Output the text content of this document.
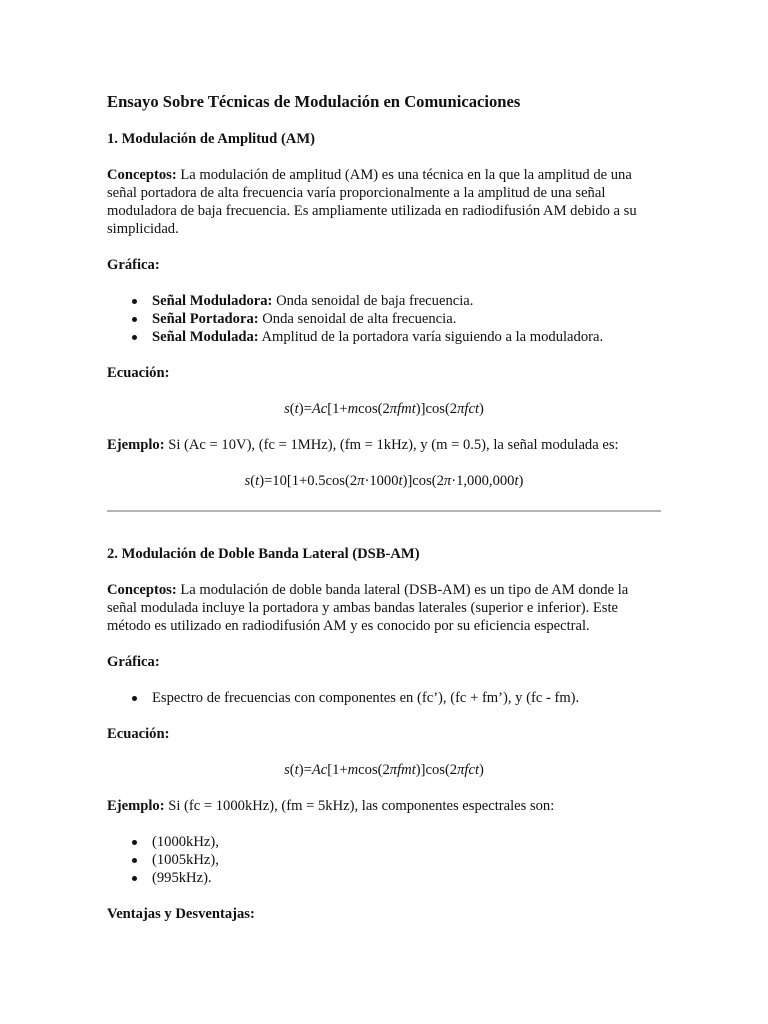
Ensayo Sobre Técnicas de Modulación en Comunicaciones
1. Modulación de Amplitud (AM)

Conceptos: La modulación de amplitud (AM) es una técnica en la que la amplitud de una señal portadora de alta frecuencia varía proporcionalmente a la amplitud de una señal moduladora de baja frecuencia. Es ampliamente utilizada en radiodifusión AM debido a su simplicidad.

Gráfica:

Señal Moduladora: Onda senoidal de baja frecuencia.
Señal Portadora: Onda senoidal de alta frecuencia.
Señal Modulada: Amplitud de la portadora varía siguiendo a la moduladora.

Ecuación:

s(t)=Ac[1+mcos(2πfmt)]cos(2πfct)

Ejemplo: Si (Ac = 10V), (fc = 1MHz), (fm = 1kHz), y (m = 0.5), la señal modulada es:

s(t)=10[1+0.5cos(2π·1000t)]cos(2π·1,000,000t)

2. Modulación de Doble Banda Lateral (DSB-AM)

Conceptos: La modulación de doble banda lateral (DSB-AM) es un tipo de AM donde la señal modulada incluye la portadora y ambas bandas laterales (superior e inferior). Este método es utilizado en radiodifusión AM y es conocido por su eficiencia espectral.

Gráfica:

Espectro de frecuencias con componentes en (fc’), (fc + fm’), y (fc - fm).

Ecuación:

s(t)=Ac[1+mcos(2πfmt)]cos(2πfct)

Ejemplo: Si (fc = 1000kHz), (fm = 5kHz), las componentes espectrales son:

(1000kHz),
(1005kHz),
(995kHz).

Ventajas y Desventajas:
